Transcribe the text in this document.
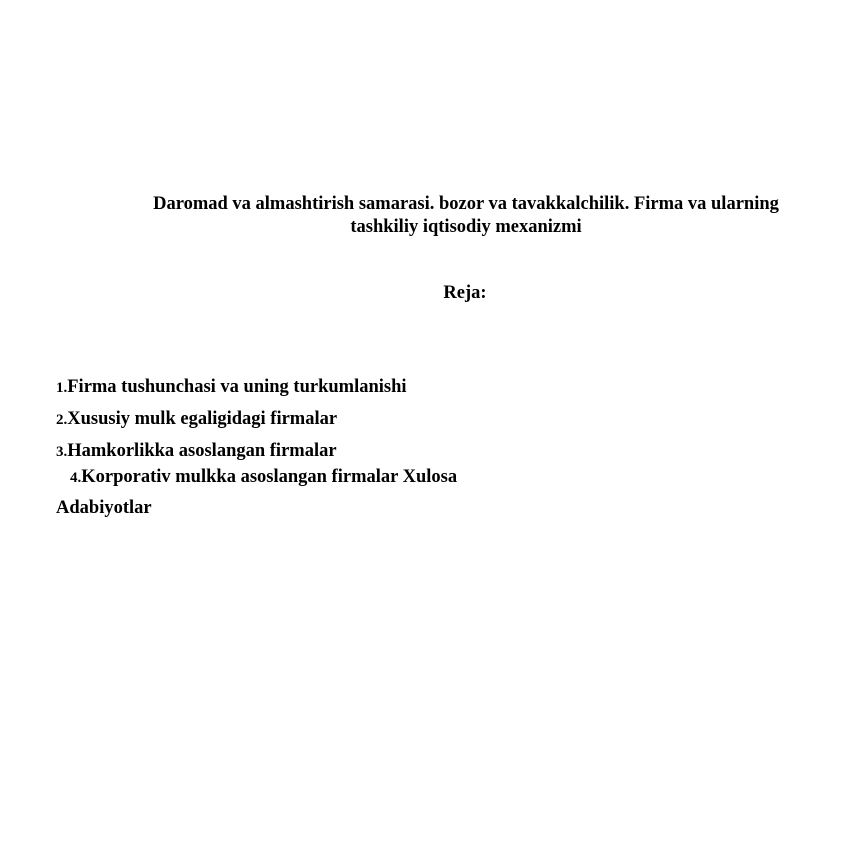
Daromad va almashtirish samarasi. bozor va tavakkalchilik. Firma va ularning
tashkiliy iqtisodiy mexanizmi
Reja:
1.Firma tushunchasi va uning turkumlanishi
2.Xususiy mulk egaligidagi firmalar
3.Hamkorlikka asoslangan firmalar
4.Korporativ mulkka asoslangan firmalar Xulosa
Adabiyotlar
